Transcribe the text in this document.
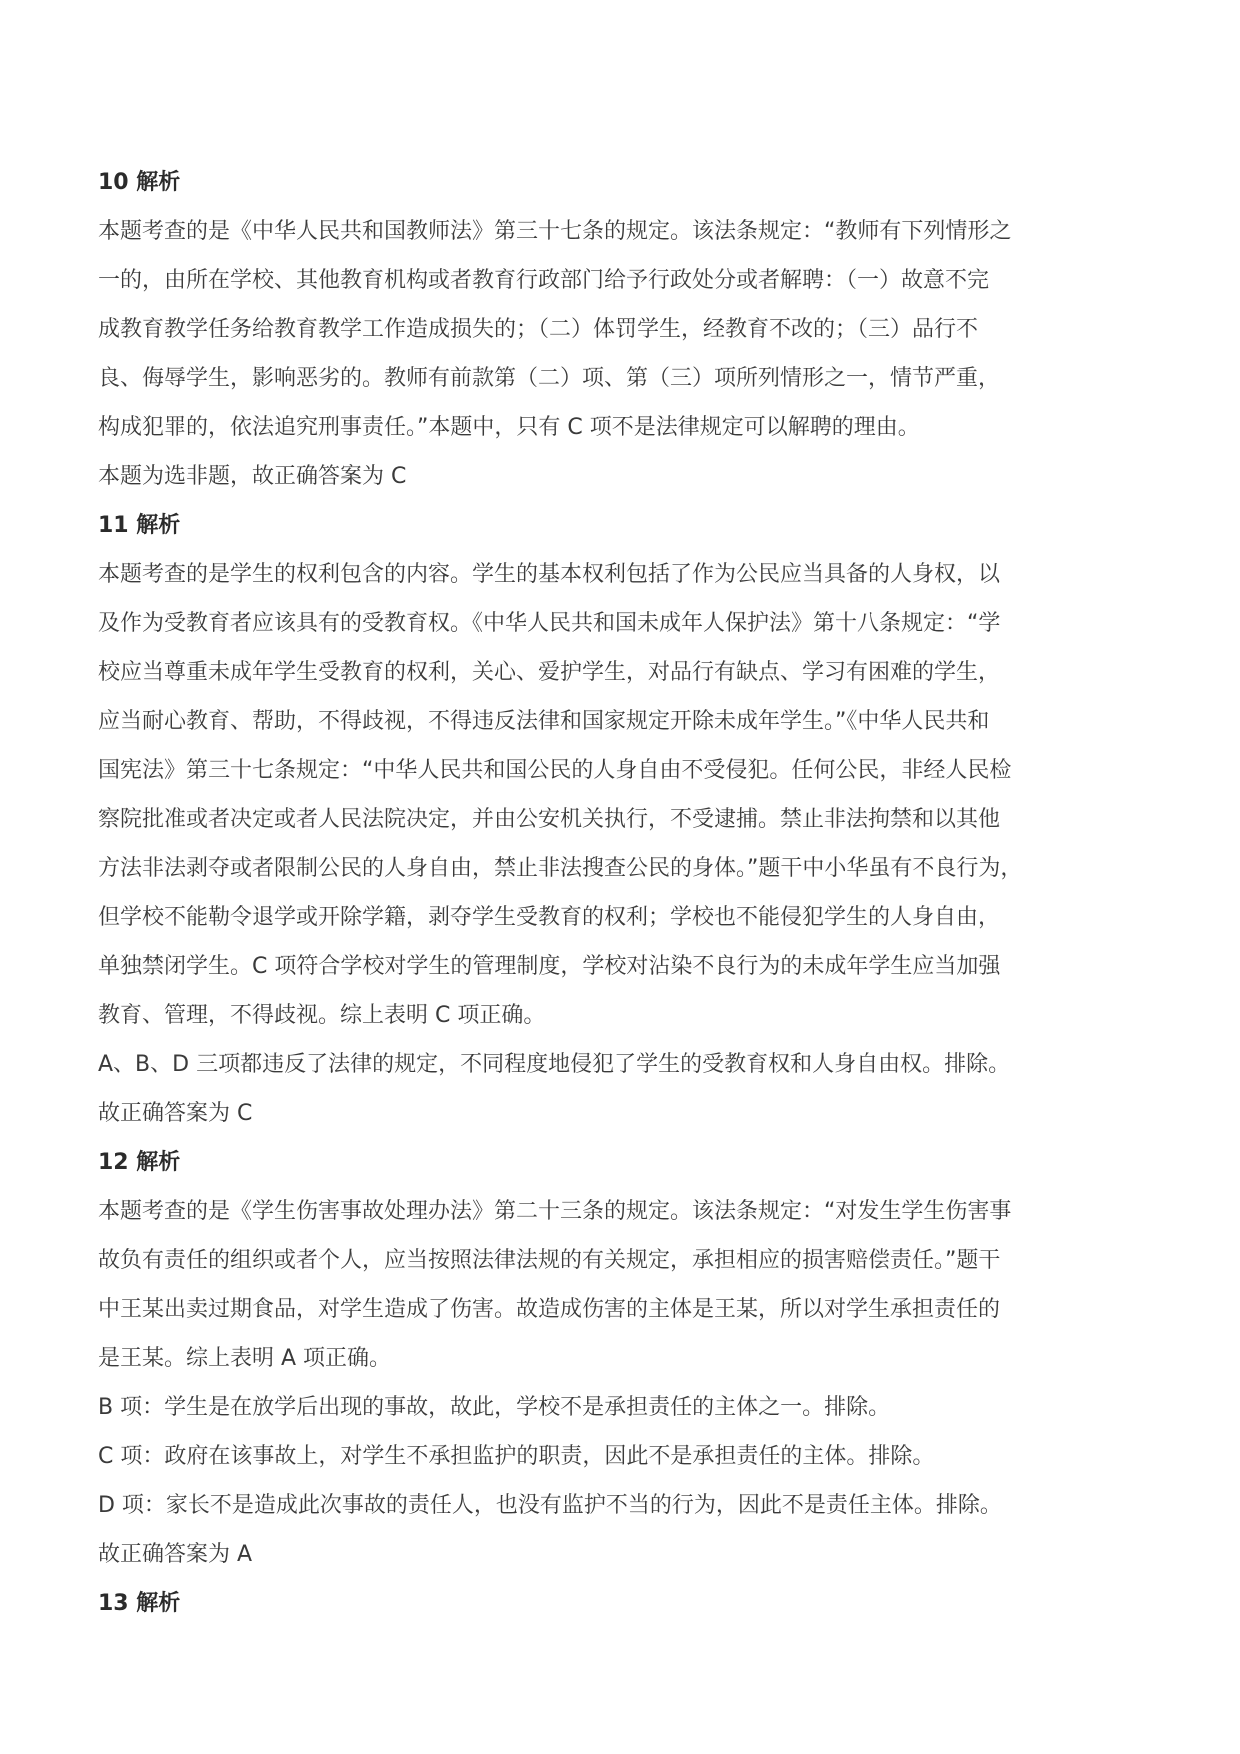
10 解析
本题考查的是《中华人民共和国教师法》第三十七条的规定。该法条规定：“教师有下列情形之
一的，由所在学校、其他教育机构或者教育行政部门给予行政处分或者解聘：（一）故意不完
成教育教学任务给教育教学工作造成损失的；（二）体罚学生，经教育不改的；（三）品行不
良、侮辱学生，影响恶劣的。教师有前款第（二）项、第（三）项所列情形之一，情节严重，
构成犯罪的，依法追究刑事责任。”本题中，只有 C 项不是法律规定可以解聘的理由。
本题为选非题，故正确答案为 C
11 解析
本题考查的是学生的权利包含的内容。学生的基本权利包括了作为公民应当具备的人身权，以
及作为受教育者应该具有的受教育权。《中华人民共和国未成年人保护法》第十八条规定：“学
校应当尊重未成年学生受教育的权利，关心、爱护学生，对品行有缺点、学习有困难的学生，
应当耐心教育、帮助，不得歧视，不得违反法律和国家规定开除未成年学生。”《中华人民共和
国宪法》第三十七条规定：“中华人民共和国公民的人身自由不受侵犯。任何公民，非经人民检
察院批准或者决定或者人民法院决定，并由公安机关执行，不受逮捕。禁止非法拘禁和以其他
方法非法剥夺或者限制公民的人身自由，禁止非法搜查公民的身体。”题干中小华虽有不良行为，
但学校不能勒令退学或开除学籍，剥夺学生受教育的权利；学校也不能侵犯学生的人身自由，
单独禁闭学生。C 项符合学校对学生的管理制度，学校对沾染不良行为的未成年学生应当加强
教育、管理，不得歧视。综上表明 C 项正确。
A、B、D 三项都违反了法律的规定，不同程度地侵犯了学生的受教育权和人身自由权。排除。
故正确答案为 C
12 解析
本题考查的是《学生伤害事故处理办法》第二十三条的规定。该法条规定：“对发生学生伤害事
故负有责任的组织或者个人，应当按照法律法规的有关规定，承担相应的损害赔偿责任。”题干
中王某出卖过期食品，对学生造成了伤害。故造成伤害的主体是王某，所以对学生承担责任的
是王某。综上表明 A 项正确。
B 项：学生是在放学后出现的事故，故此，学校不是承担责任的主体之一。排除。
C 项：政府在该事故上，对学生不承担监护的职责，因此不是承担责任的主体。排除。
D 项：家长不是造成此次事故的责任人，也没有监护不当的行为，因此不是责任主体。排除。
故正确答案为 A
13 解析
